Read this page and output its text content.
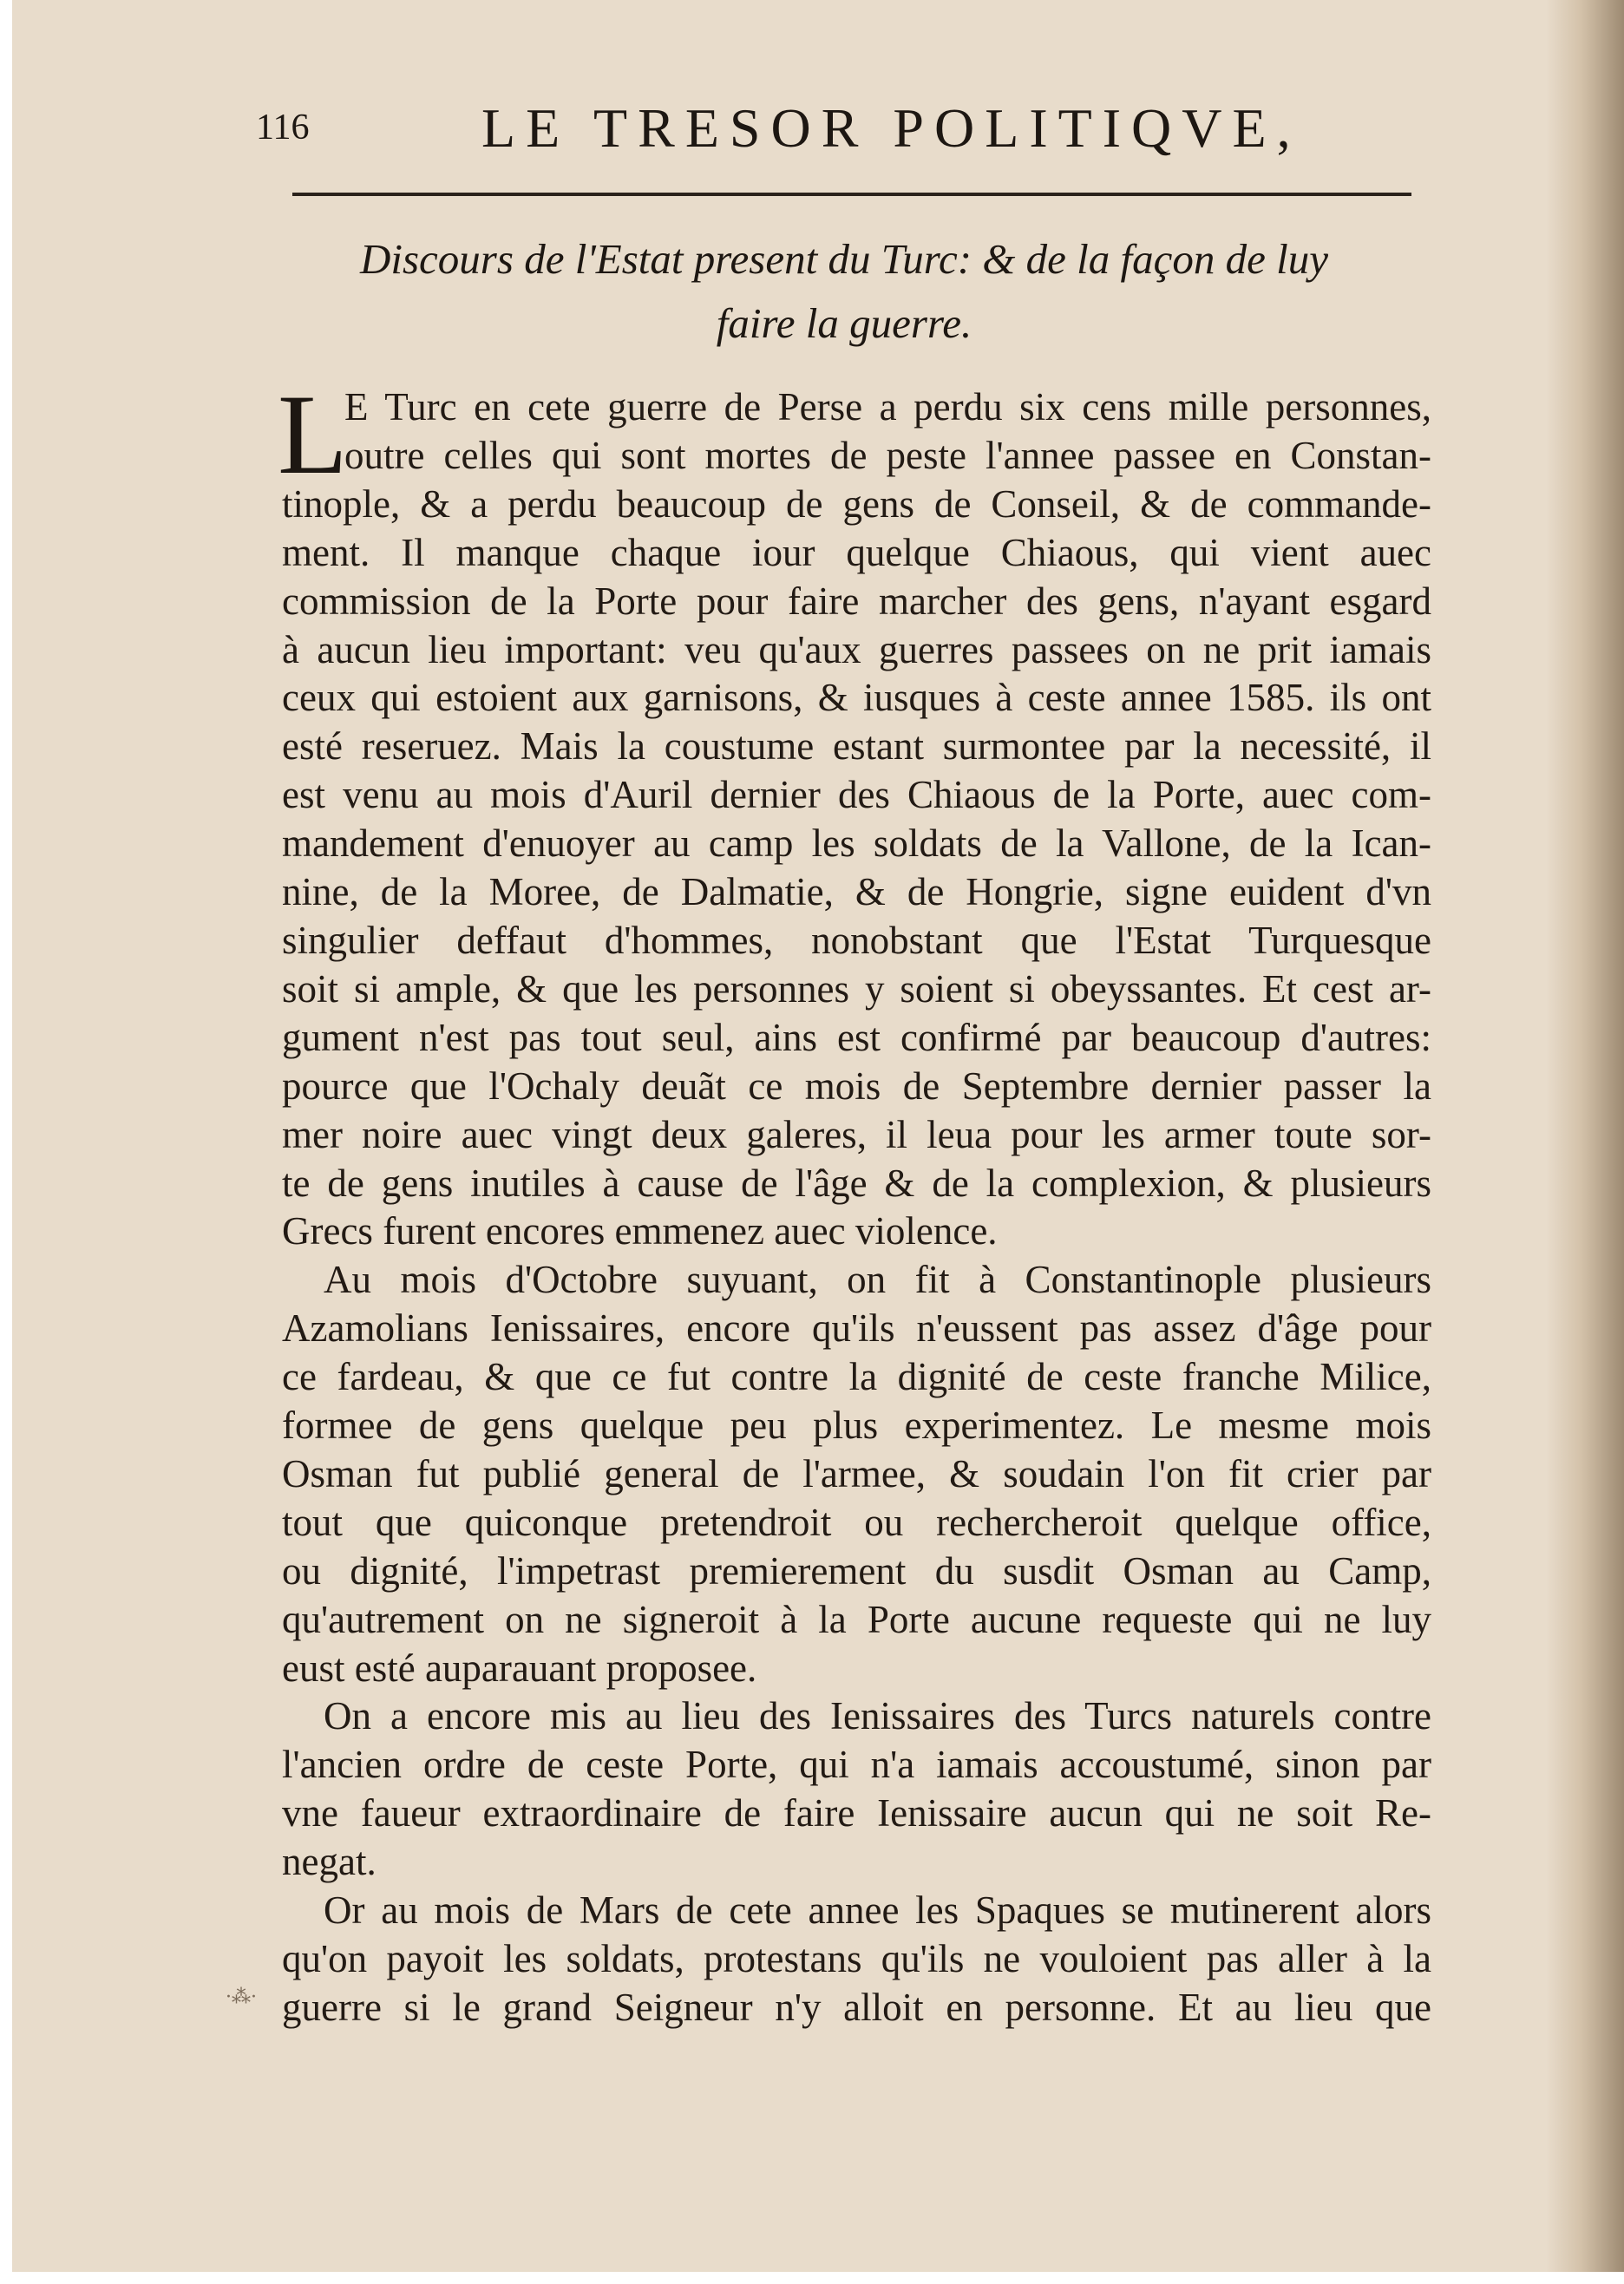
116	LE TRESOR POLITIQVE,
Discours de l'Estat present du Turc: & de la façon de luy
faire la guerre.
L
E Turc en cete guerre de Perse a perdu six cens mille personnes,
outre celles qui sont mortes de peste l'annee passee en Constan-
tinople, & a perdu beaucoup de gens de Conseil, & de commande-
ment. Il manque chaque iour quelque Chiaous, qui vient auec
commission de la Porte pour faire marcher des gens, n'ayant esgard
à aucun lieu important: veu qu'aux guerres passees on ne prit iamais
ceux qui estoient aux garnisons, & iusques à ceste annee 1585. ils ont
esté reseruez. Mais la coustume estant surmontee par la necessité, il
est venu au mois d'Auril dernier des Chiaous de la Porte, auec com-
mandement d'enuoyer au camp les soldats de la Vallone, de la Ican-
nine, de la Moree, de Dalmatie, & de Hongrie, signe euident d'vn
singulier deffaut d'hommes, nonobstant que l'Estat Turquesque
soit si ample, & que les personnes y soient si obeyssantes. Et cest ar-
gument n'est pas tout seul, ains est confirmé par beaucoup d'autres:
pource que l'Ochaly deuãt ce mois de Septembre dernier passer la
mer noire auec vingt deux galeres, il leua pour les armer toute sor-
te de gens inutiles à cause de l'âge & de la complexion, & plusieurs
Grecs furent encores emmenez auec violence.
Au mois d'Octobre suyuant, on fit à Constantinople plusieurs
Azamolians Ienissaires, encore qu'ils n'eussent pas assez d'âge pour
ce fardeau, & que ce fut contre la dignité de ceste franche Milice,
formee de gens quelque peu plus experimentez. Le mesme mois
Osman fut publié general de l'armee, & soudain l'on fit crier par
tout que quiconque pretendroit ou rechercheroit quelque office,
ou dignité, l'impetrast premierement du susdit Osman au Camp,
qu'autrement on ne signeroit à la Porte aucune requeste qui ne luy
eust esté auparauant proposee.
On a encore mis au lieu des Ienissaires des Turcs naturels contre
l'ancien ordre de ceste Porte, qui n'a iamais accoustumé, sinon par
vne faueur extraordinaire de faire Ienissaire aucun qui ne soit Re-
negat.
Or au mois de Mars de cete annee les Spaques se mutinerent alors
qu'on payoit les soldats, protestans qu'ils ne vouloient pas aller à la
guerre si le grand Seigneur n'y alloit en personne. Et au lieu que
·⁂·
